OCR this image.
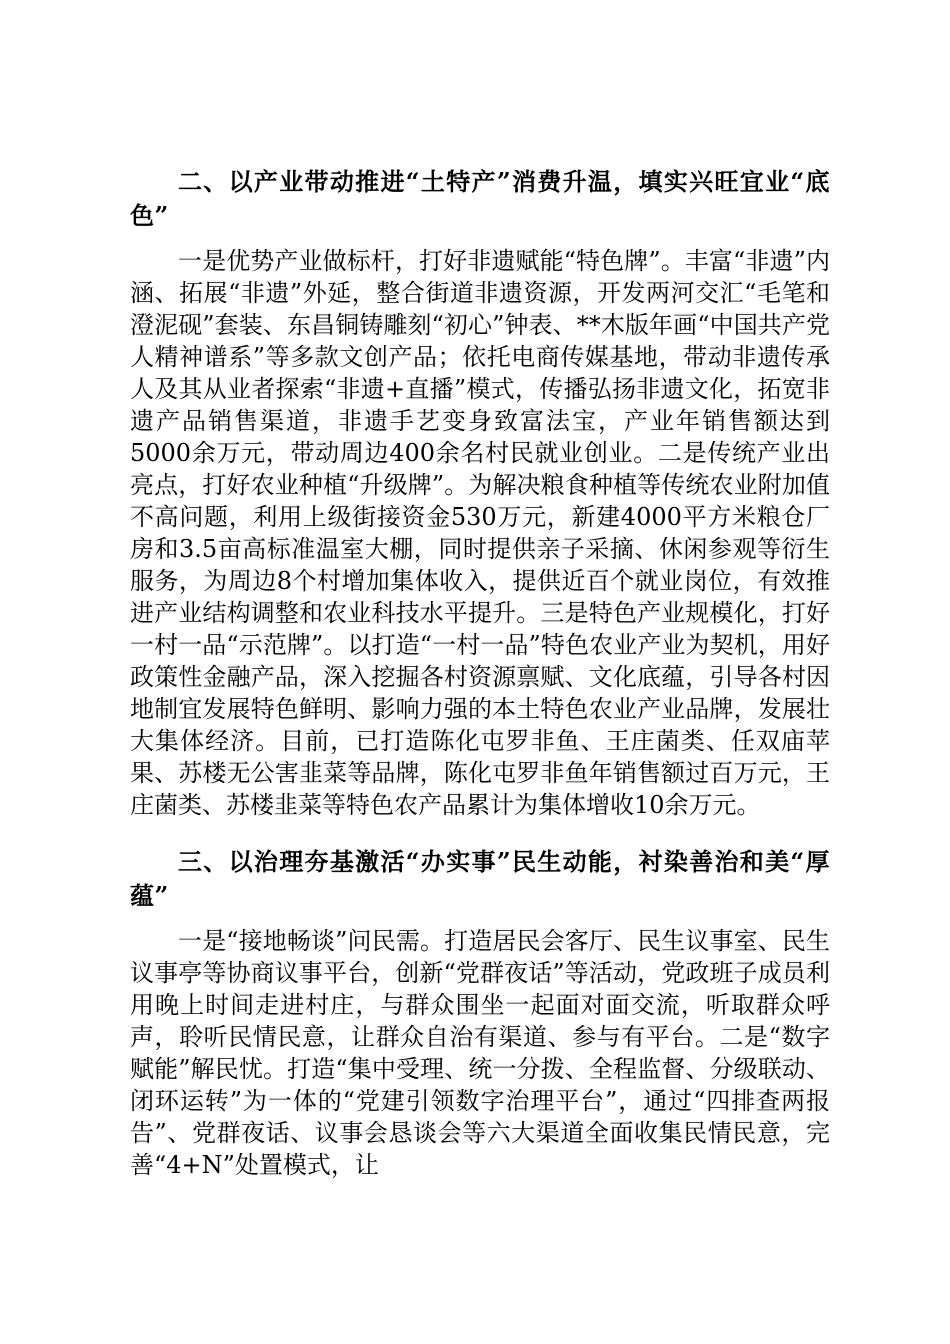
二、以产业带动推进“土特产”消费升温，填实兴旺宜业“底色”

一是优势产业做标杆，打好非遗赋能“特色牌”。丰富“非遗”内涵、拓展“非遗”外延，整合街道非遗资源，开发两河交汇“毛笔和澄泥砚”套装、东昌铜铸雕刻“初心”钟表、**木版年画“中国共产党人精神谱系”等多款文创产品；依托电商传媒基地，带动非遗传承人及其从业者探索“非遗+直播”模式，传播弘扬非遗文化，拓宽非遗产品销售渠道，非遗手艺变身致富法宝，产业年销售额达到5000余万元，带动周边400余名村民就业创业。二是传统产业出亮点，打好农业种植“升级牌”。为解决粮食种植等传统农业附加值不高问题，利用上级街接资金530万元，新建4000平方米粮仓厂房和3.5亩高标准温室大棚，同时提供亲子采摘、休闲参观等衍生服务，为周边8个村增加集体收入，提供近百个就业岗位，有效推进产业结构调整和农业科技水平提升。三是特色产业规模化，打好一村一品“示范牌”。以打造“一村一品”特色农业产业为契机，用好政策性金融产品，深入挖掘各村资源禀赋、文化底蕴，引导各村因地制宜发展特色鲜明、影响力强的本土特色农业产业品牌，发展壮大集体经济。目前，已打造陈化屯罗非鱼、王庄菌类、任双庙苹果、苏楼无公害韭菜等品牌，陈化屯罗非鱼年销售额过百万元，王庄菌类、苏楼韭菜等特色农产品累计为集体增收10余万元。

三、以治理夯基激活“办实事”民生动能，衬染善治和美“厚蕴”

一是“接地畅谈”问民需。打造居民会客厅、民生议事室、民生议事亭等协商议事平台，创新“党群夜话”等活动，党政班子成员利用晚上时间走进村庄，与群众围坐一起面对面交流，听取群众呼声，聆听民情民意，让群众自治有渠道、参与有平台。二是“数字赋能”解民忧。打造“集中受理、统一分拨、全程监督、分级联动、闭环运转”为一体的“党建引领数字治理平台”，通过“四排查两报告”、党群夜话、议事会恳谈会等六大渠道全面收集民情民意，完善“4+N”处置模式，让
